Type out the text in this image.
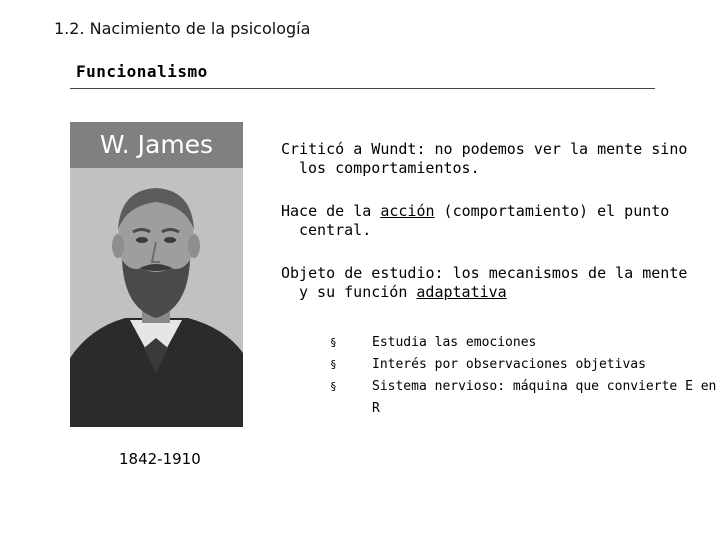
1.2. Nacimiento de la psicología
Funcionalismo
W. James
1842-1910

Criticó a Wundt: no podemos ver la mente sino los comportamientos.

Hace de la acción (comportamiento) el punto central.

Objeto de estudio: los mecanismos de la mente y su función adaptativa

§	Estudia las emociones
§	Interés por observaciones objetivas
§	Sistema nervioso: máquina que convierte E en R
